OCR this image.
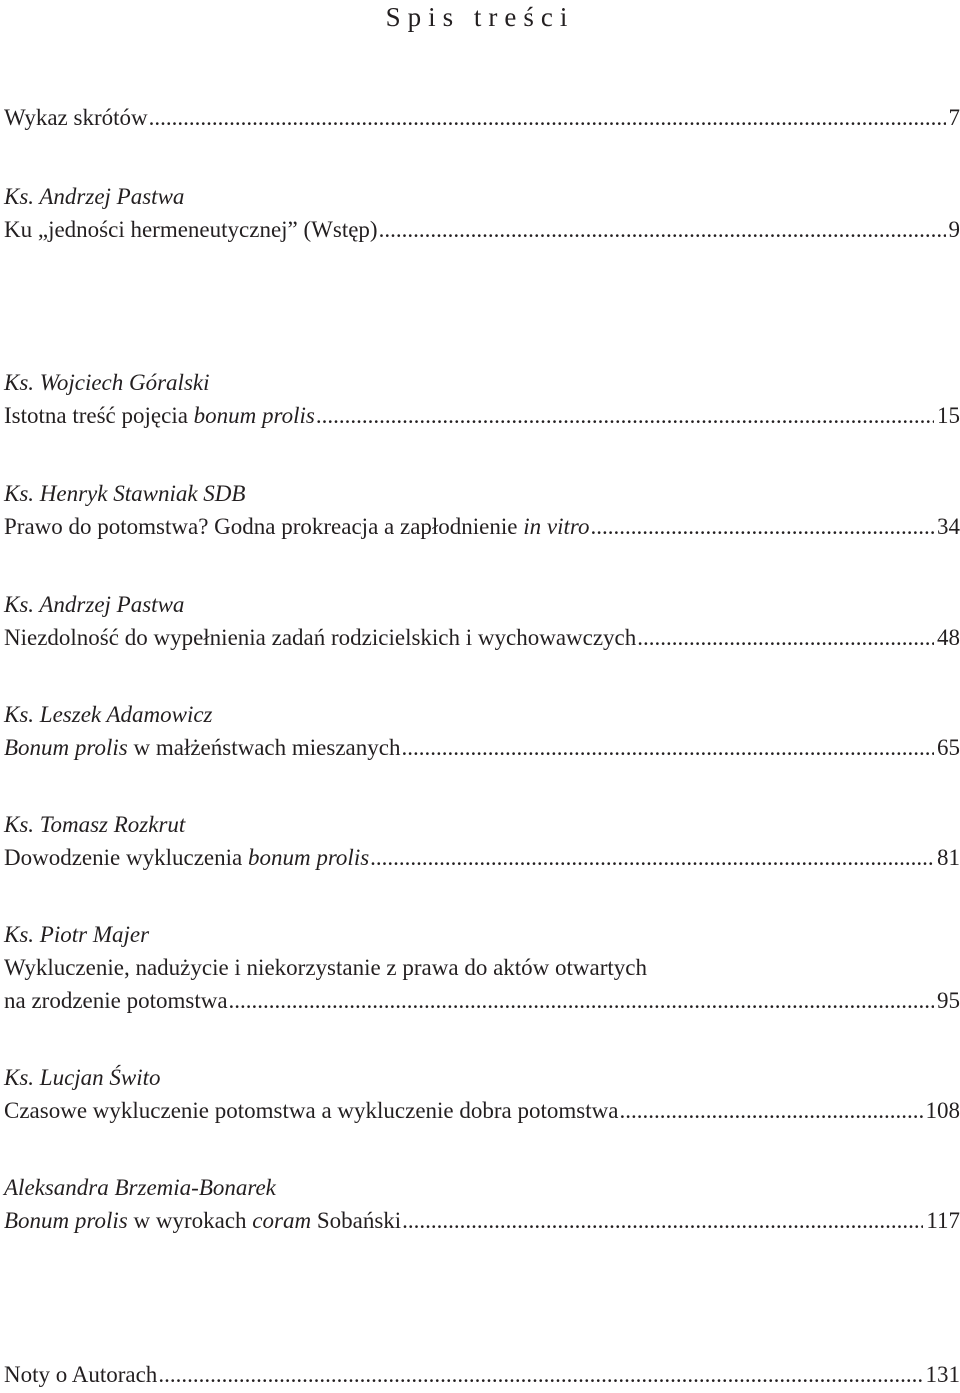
Spis treści
Wykaz skrótów .....	7
Ks. Andrzej Pastwa
Ku „jedności hermeneutycznej” (Wstęp) .....	9
Ks. Wojciech Góralski
Istotna treść pojęcia bonum prolis .....	15
Ks. Henryk Stawniak SDB
Prawo do potomstwa? Godna prokreacja a zapłodnienie in vitro .....	34
Ks. Andrzej Pastwa
Niezdolność do wypełnienia zadań rodzicielskich i wychowawczych .....	48
Ks. Leszek Adamowicz
Bonum prolis w małżeństwach mieszanych .....	65
Ks. Tomasz Rozkrut
Dowodzenie wykluczenia bonum prolis .....	81
Ks. Piotr Majer
Wykluczenie, nadużycie i niekorzystanie z prawa do aktów otwartych
na zrodzenie potomstwa .....	95
Ks. Lucjan Świto
Czasowe wykluczenie potomstwa a wykluczenie dobra potomstwa .....	108
Aleksandra Brzemia-Bonarek
Bonum prolis w wyrokach coram Sobański .....	117
Noty o Autorach .....	131
